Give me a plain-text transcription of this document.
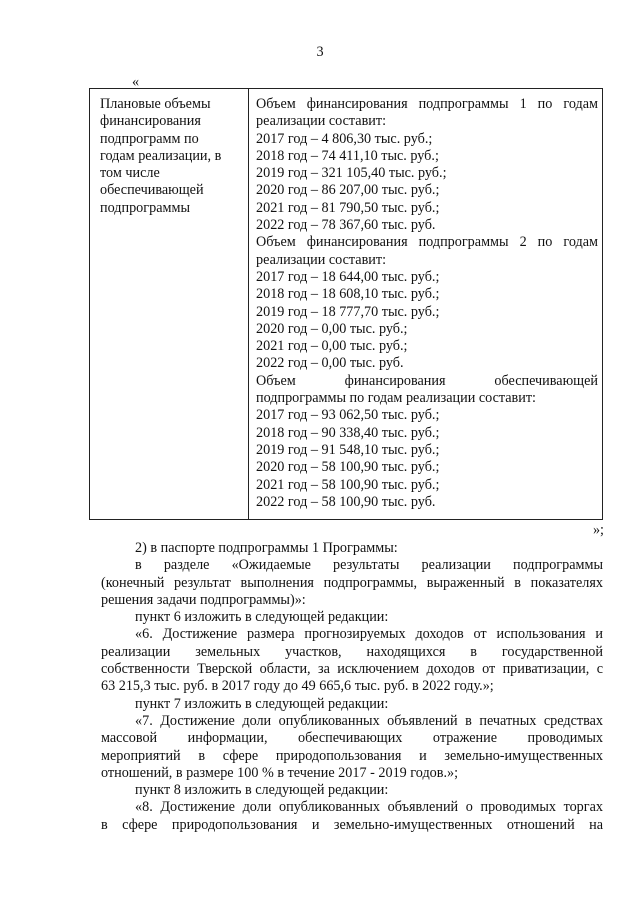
3
«
Плановые объемы
финансирования
подпрограмм по
годам реализации, в
том числе
обеспечивающей
подпрограммы
Объем финансирования подпрограммы 1 по годам
реализации составит:
2017 год – 4 806,30 тыс. руб.;
2018 год – 74 411,10 тыс. руб.;
2019 год – 321 105,40 тыс. руб.;
2020 год – 86 207,00 тыс. руб.;
2021 год – 81 790,50 тыс. руб.;
2022 год – 78 367,60 тыс. руб.
Объем финансирования подпрограммы 2 по годам
реализации составит:
2017 год – 18 644,00 тыс. руб.;
2018 год – 18 608,10 тыс. руб.;
2019 год – 18 777,70 тыс. руб.;
2020 год – 0,00 тыс. руб.;
2021 год – 0,00 тыс. руб.;
2022 год – 0,00 тыс. руб.
Объем финансирования обеспечивающей
подпрограммы по годам реализации составит:
2017 год – 93 062,50 тыс. руб.;
2018 год – 90 338,40 тыс. руб.;
2019 год – 91 548,10 тыс. руб.;
2020 год – 58 100,90 тыс. руб.;
2021 год – 58 100,90 тыс. руб.;
2022 год – 58 100,90 тыс. руб.
»;
2) в паспорте подпрограммы 1 Программы:
в разделе «Ожидаемые результаты реализации подпрограммы
(конечный результат выполнения подпрограммы, выраженный в показателях
решения задачи подпрограммы)»:
пункт 6 изложить в следующей редакции:
«6. Достижение размера прогнозируемых доходов от использования и
реализации земельных участков, находящихся в государственной
собственности Тверской области, за исключением доходов от приватизации, с
63 215,3 тыс. руб. в 2017 году до 49 665,6 тыс. руб. в 2022 году.»;
пункт 7 изложить в следующей редакции:
«7. Достижение доли опубликованных объявлений в печатных средствах
массовой информации, обеспечивающих отражение проводимых
мероприятий в сфере природопользования и земельно-имущественных
отношений, в размере 100 % в течение 2017 - 2019 годов.»;
пункт 8 изложить в следующей редакции:
«8. Достижение доли опубликованных объявлений о проводимых торгах
в сфере природопользования и земельно-имущественных отношений на
